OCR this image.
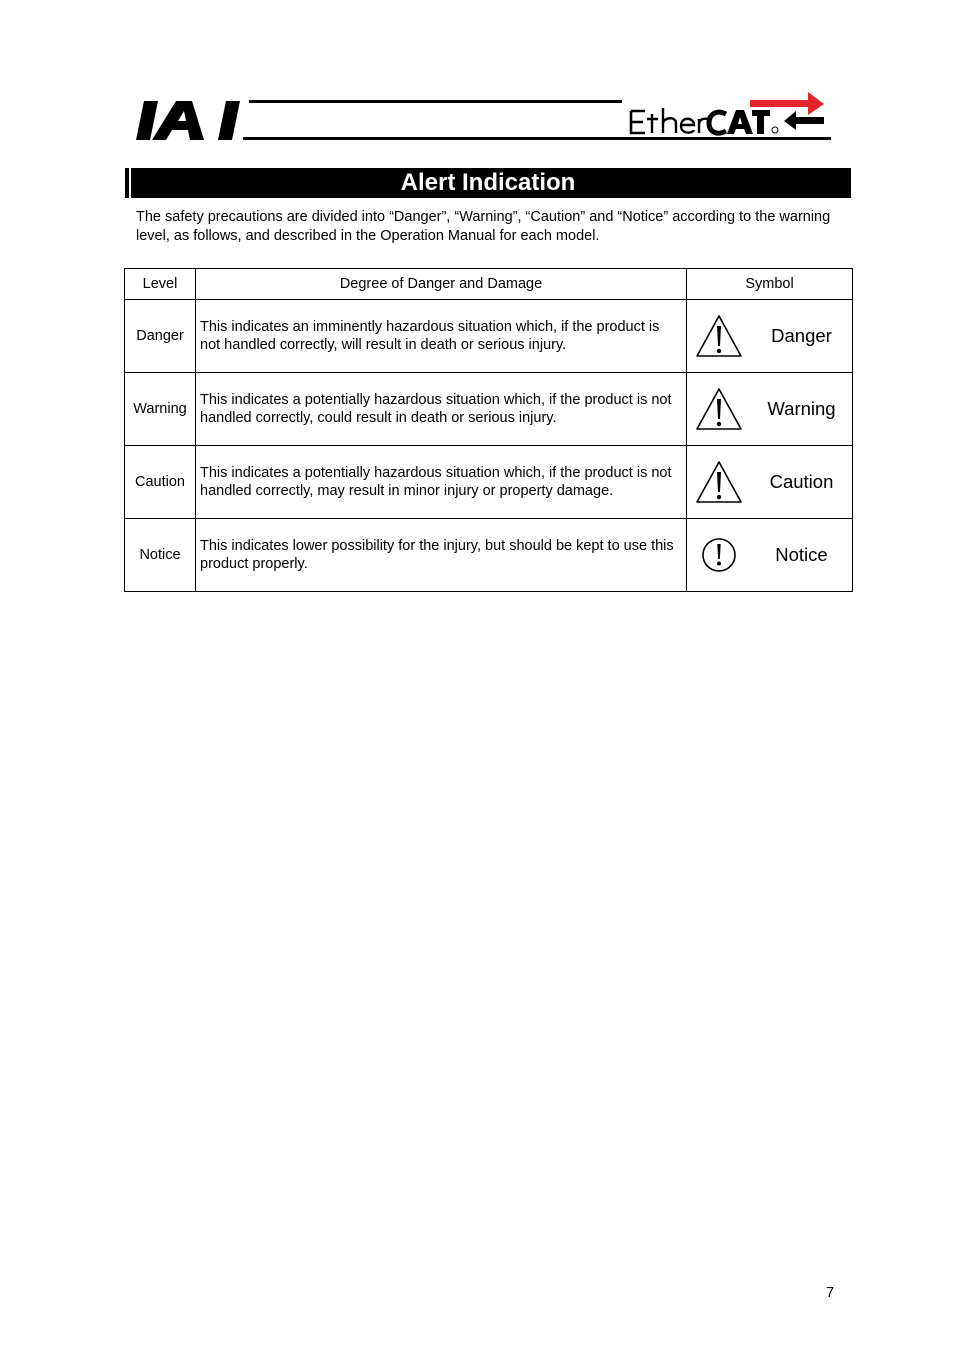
Alert Indication
The safety precautions are divided into “Danger”, “Warning”, “Caution” and “Notice” according to the warning level, as follows, and described in the Operation Manual for each model.
Level	Degree of Danger and Damage	Symbol
Danger	This indicates an imminently hazardous situation which, if the product is not handled correctly, will result in death or serious injury.	Danger

Warning	This indicates a potentially hazardous situation which, if the product is not handled correctly, could result in death or serious injury.	Warning

Caution	This indicates a potentially hazardous situation which, if the product is not handled correctly, may result in minor injury or property damage.	Caution

Notice	This indicates lower possibility for the injury, but should be kept to use this product properly.	Notice
7
